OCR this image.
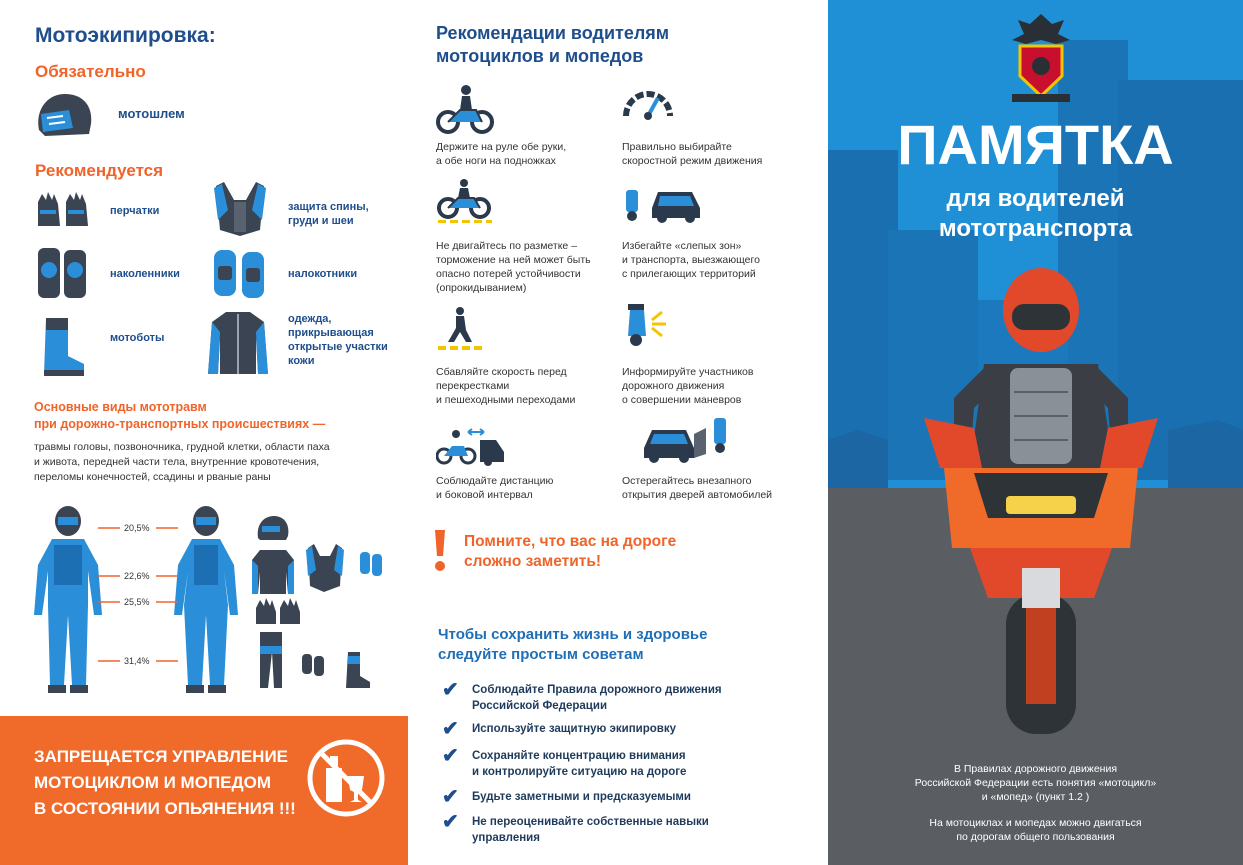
Мотоэкипировка:
Обязательно
мотошлем
Рекомендуется
перчатки	защита спины, груди и шеи
наколенники	налокотники
мотоботы
одежда, прикрывающая открытые участки кожи
Основные виды мототравм
при дорожно-транспортных происшествиях —
травмы головы, позвоночника, грудной клетки, области паха
и живота, передней части тела, внутренние кровотечения,
переломы конечностей, ссадины и рваные раны
20,5%
22,6%
25,5%
31,4%
ЗАПРЕЩАЕТСЯ УПРАВЛЕНИЕ
МОТОЦИКЛОМ И МОПЕДОМ
В СОСТОЯНИИ ОПЬЯНЕНИЯ !!!
Рекомендации водителям
мотоциклов и мопедов
Держите на руле обе руки,
а обе ноги на подножках
Правильно выбирайте
скоростной режим движения
Не двигайтесь по разметке –
торможение на ней может быть
опасно потерей устойчивости
(опрокидыванием)
Избегайте «слепых зон»
и транспорта, выезжающего
с прилегающих территорий
Сбавляйте скорость перед
перекрестками
и пешеходными переходами
Информируйте участников
дорожного движения
о совершении маневров
Соблюдайте дистанцию
и боковой интервал
Остерегайтесь внезапного
открытия дверей автомобилей
Помните, что вас на дороге
сложно заметить!
Чтобы сохранить жизнь и здоровье
следуйте простым советам
✔ Соблюдайте Правила дорожного движения
Российской Федерации
✔ Используйте защитную экипировку
✔ Сохраняйте концентрацию внимания
и контролируйте ситуацию на дороге
✔ Будьте заметными и предсказуемыми
✔ Не переоценивайте собственные навыки
управления
ПАМЯТКА
для водителей
мототранспорта
В Правилах дорожного движения
Российской Федерации есть понятия «мотоцикл»
и «мопед» (пункт 1.2 )
На мотоциклах и мопедах можно двигаться
по дорогам общего пользования
